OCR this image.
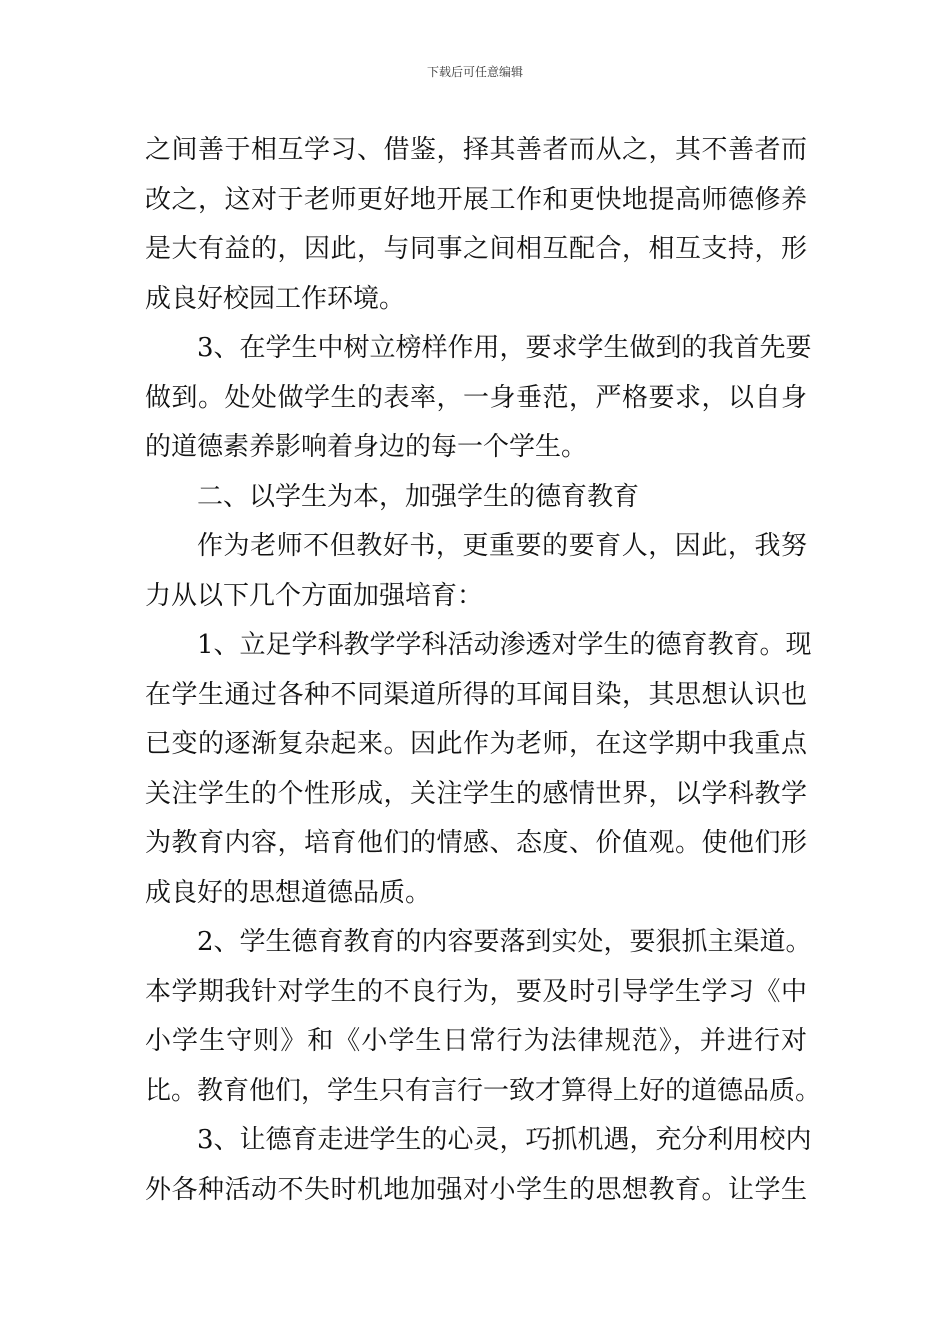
下载后可任意编辑
之间善于相互学习、借鉴，择其善者而从之，其不善者而
改之，这对于老师更好地开展工作和更快地提高师德修养
是大有益的，因此，与同事之间相互配合，相互支持，形
成良好校园工作环境。
3、在学生中树立榜样作用，要求学生做到的我首先要
做到。处处做学生的表率，一身垂范，严格要求，以自身
的道德素养影响着身边的每一个学生。
二、以学生为本，加强学生的德育教育
作为老师不但教好书，更重要的要育人，因此，我努
力从以下几个方面加强培育：
1、立足学科教学学科活动渗透对学生的德育教育。现
在学生通过各种不同渠道所得的耳闻目染，其思想认识也
已变的逐渐复杂起来。因此作为老师，在这学期中我重点
关注学生的个性形成，关注学生的感情世界，以学科教学
为教育内容，培育他们的情感、态度、价值观。使他们形
成良好的思想道德品质。
2、学生德育教育的内容要落到实处，要狠抓主渠道。
本学期我针对学生的不良行为，要及时引导学生学习《中
小学生守则》和《小学生日常行为法律规范》，并进行对
比。教育他们，学生只有言行一致才算得上好的道德品质。
3、让德育走进学生的心灵，巧抓机遇，充分利用校内
外各种活动不失时机地加强对小学生的思想教育。让学生
